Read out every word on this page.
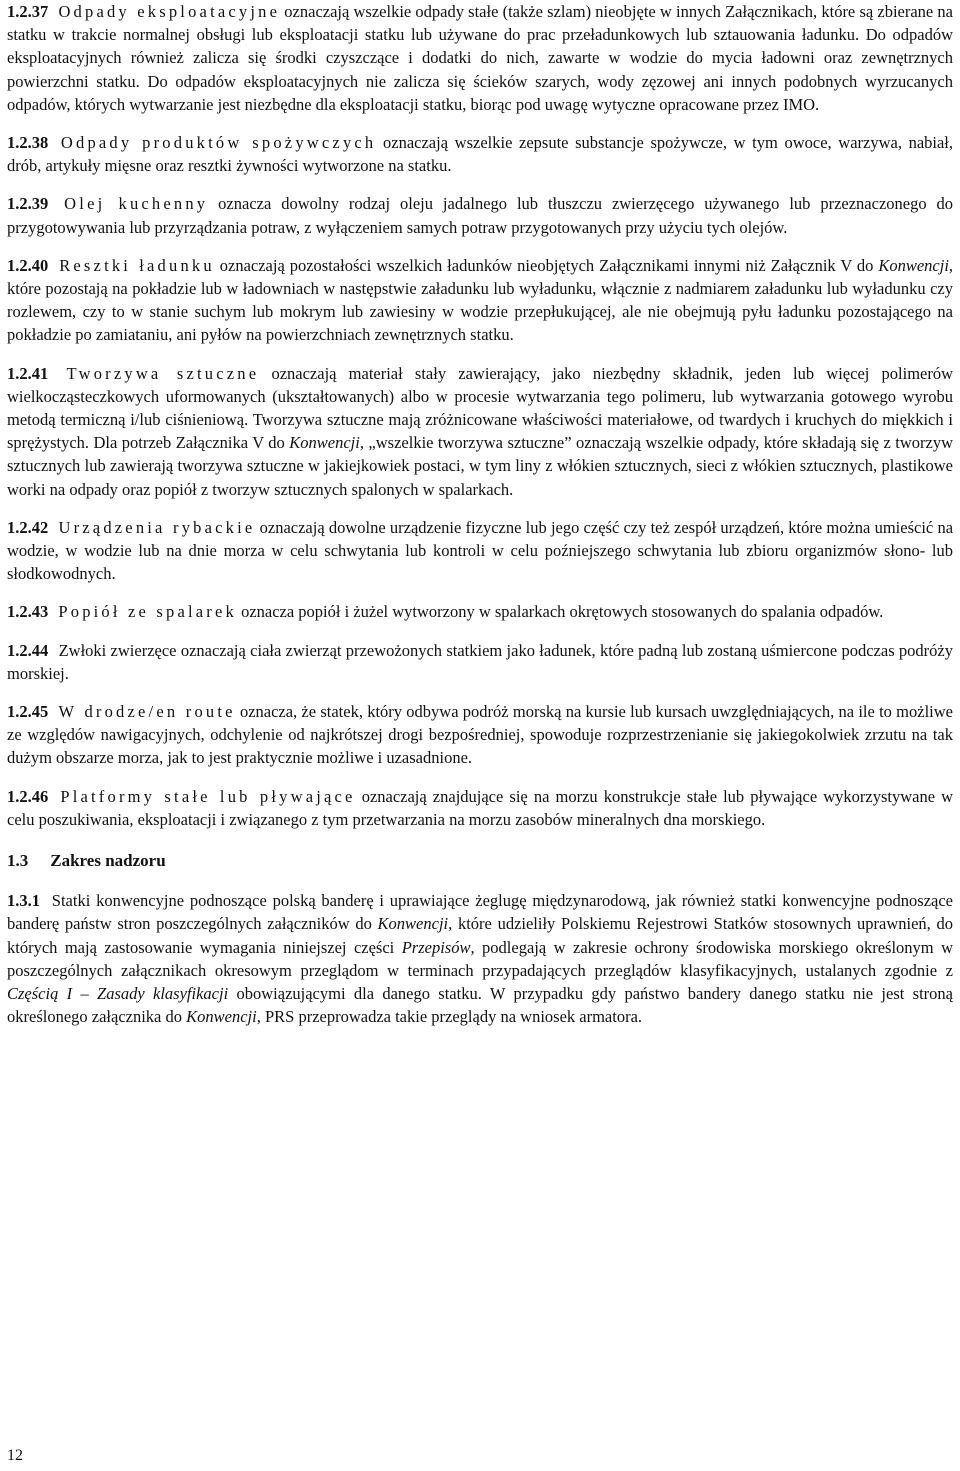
1.2.37 Odpady eksploatacyjne oznaczają wszelkie odpady stałe (także szlam) nieobjęte w innych Załącznikach, które są zbierane na statku w trakcie normalnej obsługi lub eksploatacji statku lub używane do prac przeładunkowych lub sztauowania ładunku. Do odpadów eksploatacyjnych również zalicza się środki czyszczące i dodatki do nich, zawarte w wodzie do mycia ładowni oraz zewnętrznych powierzchni statku. Do odpadów eksploatacyjnych nie zalicza się ścieków szarych, wody zęzowej ani innych podobnych wyrzucanych odpadów, których wytwarzanie jest niezbędne dla eksploatacji statku, biorąc pod uwagę wytyczne opracowane przez IMO.

1.2.38 Odpady produktów spożywczych oznaczają wszelkie zepsute substancje spożywcze, w tym owoce, warzywa, nabiał, drób, artykuły mięsne oraz resztki żywności wytworzone na statku.

1.2.39 Olej kuchenny oznacza dowolny rodzaj oleju jadalnego lub tłuszczu zwierzęcego używanego lub przeznaczonego do przygotowywania lub przyrządzania potraw, z wyłączeniem samych potraw przygotowanych przy użyciu tych olejów.

1.2.40 Resztki ładunku oznaczają pozostałości wszelkich ładunków nieobjętych Załącznikami innymi niż Załącznik V do Konwencji, które pozostają na pokładzie lub w ładowniach w następstwie załadunku lub wyładunku, włącznie z nadmiarem załadunku lub wyładunku czy rozlewem, czy to w stanie suchym lub mokrym lub zawiesiny w wodzie przepłukującej, ale nie obejmują pyłu ładunku pozostającego na pokładzie po zamiataniu, ani pyłów na powierzchniach zewnętrznych statku.

1.2.41 Tworzywa sztuczne oznaczają materiał stały zawierający, jako niezbędny składnik, jeden lub więcej polimerów wielkocząsteczkowych uformowanych (ukształtowanych) albo w procesie wytwarzania tego polimeru, lub wytwarzania gotowego wyrobu metodą termiczną i/lub ciśnieniową. Tworzywa sztuczne mają zróżnicowane właściwości materiałowe, od twardych i kruchych do miękkich i sprężystych. Dla potrzeb Załącznika V do Konwencji, „wszelkie tworzywa sztuczne” oznaczają wszelkie odpady, które składają się z tworzyw sztucznych lub zawierają tworzywa sztuczne w jakiejkowiek postaci, w tym liny z włókien sztucznych, sieci z włókien sztucznych, plastikowe worki na odpady oraz popiół z tworzyw sztucznych spalonych w spalarkach.

1.2.42 Urządzenia rybackie oznaczają dowolne urządzenie fizyczne lub jego część czy też zespół urządzeń, które można umieścić na wodzie, w wodzie lub na dnie morza w celu schwytania lub kontroli w celu poźniejszego schwytania lub zbioru organizmów słono- lub słodkowodnych.

1.2.43 Popiół ze spalarek oznacza popiół i żużel wytworzony w spalarkach okrętowych stosowanych do spalania odpadów.

1.2.44 Zwłoki zwierzęce oznaczają ciała zwierząt przewożonych statkiem jako ładunek, które padną lub zostaną uśmiercone podczas podróży morskiej.

1.2.45 W drodze/en route oznacza, że statek, który odbywa podróż morską na kursie lub kursach uwzględniających, na ile to możliwe ze względów nawigacyjnych, odchylenie od najkrótszej drogi bezpośredniej, spowoduje rozprzestrzenianie się jakiegokolwiek zrzutu na tak dużym obszarze morza, jak to jest praktycznie możliwe i uzasadnione.

1.2.46 Platformy stałe lub pływające oznaczają znajdujące się na morzu konstrukcje stałe lub pływające wykorzystywane w celu poszukiwania, eksploatacji i związanego z tym przetwarzania na morzu zasobów mineralnych dna morskiego.

1.3 Zakres nadzoru

1.3.1 Statki konwencyjne podnoszące polską banderę i uprawiające żeglugę międzynarodową, jak również statki konwencyjne podnoszące banderę państw stron poszczególnych załączników do Konwencji, które udzieliły Polskiemu Rejestrowi Statków stosownych uprawnień, do których mają zastosowanie wymagania niniejszej części Przepisów, podlegają w zakresie ochrony środowiska morskiego określonym w poszczególnych załącznikach okresowym przeglądom w terminach przypadających przeglądów klasyfikacyjnych, ustalanych zgodnie z Częścią I – Zasady klasyfikacji obowiązującymi dla danego statku. W przypadku gdy państwo bandery danego statku nie jest stroną określonego załącznika do Konwencji, PRS przeprowadza takie przeglądy na wniosek armatora.

12
